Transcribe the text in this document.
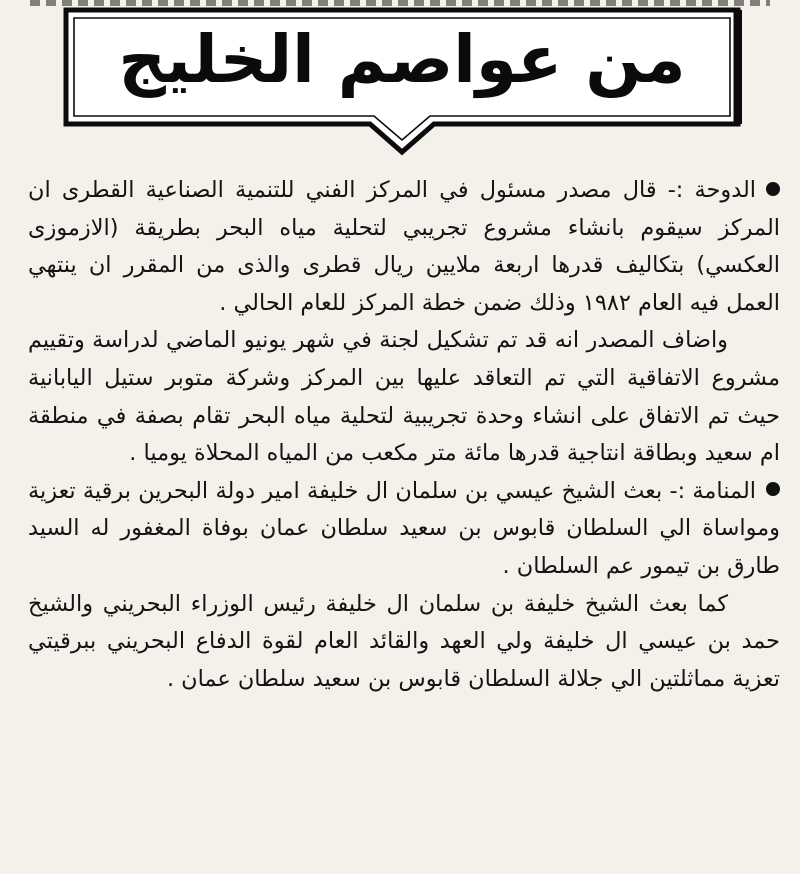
من عواصم الخليج

الدوحة :- قال مصدر مسئول في المركز الفني للتنمية الصناعية القطرى ان المركز سيقوم بانشاء مشروع تجريبي لتحلية مياه البحر بطريقة (الازموزى العكسي) بتكاليف قدرها اربعة ملايين ريال قطرى والذى من المقرر ان ينتهي العمل فيه العام ١٩٨٢ وذلك ضمن خطة المركز للعام الحالي .

واضاف المصدر انه قد تم تشكيل لجنة في شهر يونيو الماضي لدراسة وتقييم مشروع الاتفاقية التي تم التعاقد عليها بين المركز وشركة متوبر ستيل اليابانية حيث تم الاتفاق على انشاء وحدة تجريبية لتحلية مياه البحر تقام بصفة في منطقة ام سعيد وبطاقة انتاجية قدرها مائة متر مكعب من المياه المحلاة يوميا .

المنامة :- بعث الشيخ عيسي بن سلمان ال خليفة امير دولة البحرين برقية تعزية ومواساة الي السلطان قابوس بن سعيد سلطان عمان بوفاة المغفور له السيد طارق بن تيمور عم السلطان .

كما بعث الشيخ خليفة بن سلمان ال خليفة رئيس الوزراء البحريني والشيخ حمد بن عيسي ال خليفة ولي العهد والقائد العام لقوة الدفاع البحريني ببرقيتي تعزية مماثلتين الي جلالة السلطان قابوس بن سعيد سلطان عمان .
